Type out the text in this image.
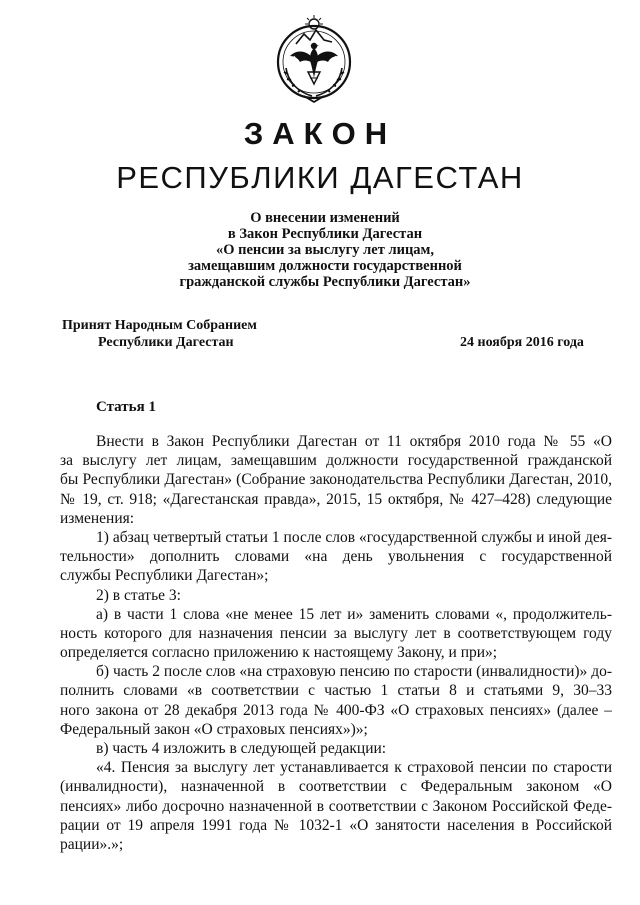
ЗАКОН
РЕСПУБЛИКИ ДАГЕСТАН
О внесении изменений
в Закон Республики Дагестан
«О пенсии за выслугу лет лицам,
замещавшим должности государственной
гражданской службы Республики Дагестан»
Принят Народным Собранием
Республики Дагестан	24 ноября 2016 года
Статья 1
Внести в Закон Республики Дагестан от 11 октября 2010 года № 55 «О
за выслугу лет лицам, замещавшим должности государственной гражданской
бы Республики Дагестан» (Собрание законодательства Республики Дагестан, 2010,
№ 19, ст. 918; «Дагестанская правда», 2015, 15 октября, № 427–428) следующие
изменения:
1) абзац четвертый статьи 1 после слов «государственной службы и иной дея-
тельности» дополнить словами «на день увольнения с государственной
службы Республики Дагестан»;
2) в статье 3:
а) в части 1 слова «не менее 15 лет и» заменить словами «, продолжитель-
ность которого для назначения пенсии за выслугу лет в соответствующем году
определяется согласно приложению к настоящему Закону, и при»;
б) часть 2 после слов «на страховую пенсию по старости (инвалидности)» до-
полнить словами «в соответствии с частью 1 статьи 8 и статьями 9, 30–33
ного закона от 28 декабря 2013 года № 400-ФЗ «О страховых пенсиях» (далее –
Федеральный закон «О страховых пенсиях»)»;
в) часть 4 изложить в следующей редакции:
«4. Пенсия за выслугу лет устанавливается к страховой пенсии по старости
(инвалидности), назначенной в соответствии с Федеральным законом «О
пенсиях» либо досрочно назначенной в соответствии с Законом Российской Феде-
рации от 19 апреля 1991 года № 1032-1 «О занятости населения в Российской
рации».»;
